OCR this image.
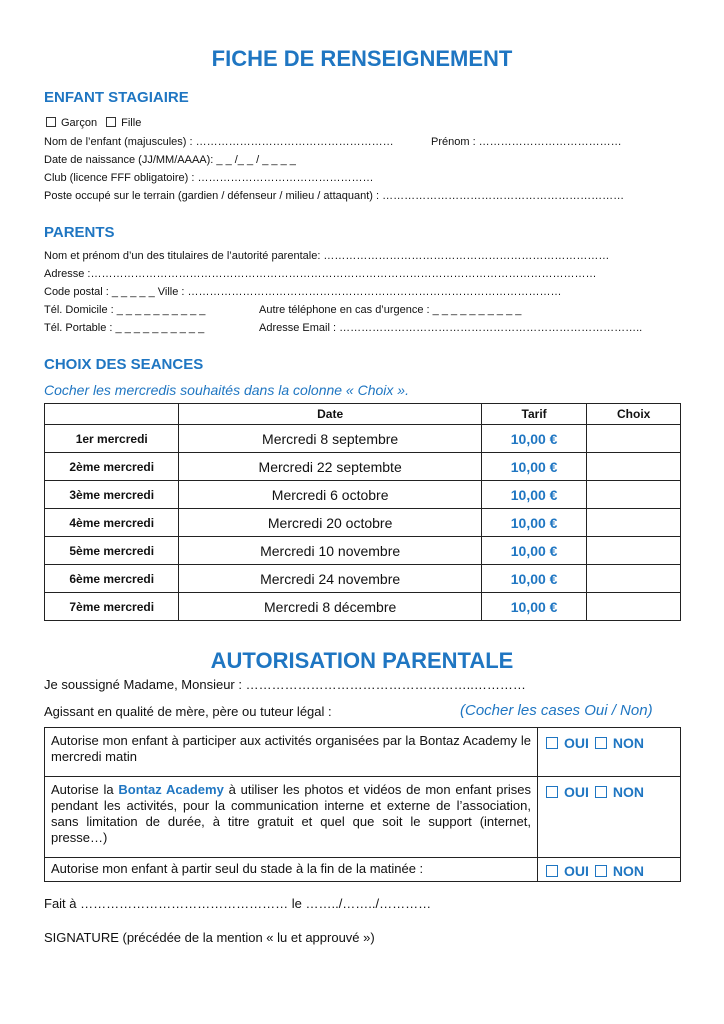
FICHE DE RENSEIGNEMENT
ENFANT STAGIAIRE
Garçon Fille
Nom de l’enfant (majuscules) : ………………………………………………	Prénom : …………………………………
Date de naissance (JJ/MM/AAAA): _ _ /_ _ / _ _ _ _
Club (licence FFF obligatoire) : …………………………………………
Poste occupé sur le terrain (gardien / défenseur / milieu / attaquant) : …………………………………………………………
PARENTS
Nom et prénom d’un des titulaires de l’autorité parentale: ……………………………………………………………………
Adresse :…………………………………………………………………………………………………………………………
Code postal : _ _ _ _ _ Ville : …………………………………………………………………………………………
Tél. Domicile : _ _ _ _ _ _ _ _ _ _	Autre téléphone en cas d’urgence : _ _ _ _ _ _ _ _ _ _
Tél. Portable : _ _ _ _ _ _ _ _ _ _	Adresse Email : ………………………………………………………………………..
CHOIX DES SEANCES
Cocher les mercredis souhaités dans la colonne « Choix ».
	Date	Tarif	Choix
1er mercredi	Mercredi 8 septembre	10,00 €	
2ème mercredi	Mercredi 22 septembte	10,00 €	
3ème mercredi	Mercredi 6 octobre	10,00 €	
4ème mercredi	Mercredi 20 octobre	10,00 €	
5ème mercredi	Mercredi 10 novembre	10,00 €	
6ème mercredi	Mercredi 24 novembre	10,00 €	
7ème mercredi	Mercredi 8 décembre	10,00 €	
AUTORISATION PARENTALE
Je soussigné Madame, Monsieur : ……………………………………………..…………
Agissant en qualité de mère, père ou tuteur légal :	(Cocher les cases Oui / Non)
Autorise mon enfant à participer aux activités organisées par la Bontaz Academy le mercredi matin	OUI NON
Autorise la Bontaz Academy à utiliser les photos et vidéos de mon enfant prises pendant les activités, pour la communication interne et externe de l’association, sans limitation de durée, à titre gratuit et quel que soit le support (internet, presse…)	OUI NON
Autorise mon enfant à partir seul du stade à la fin de la matinée :	OUI NON
Fait à ………………………………………… le ……../……../…………
SIGNATURE (précédée de la mention « lu et approuvé »)
